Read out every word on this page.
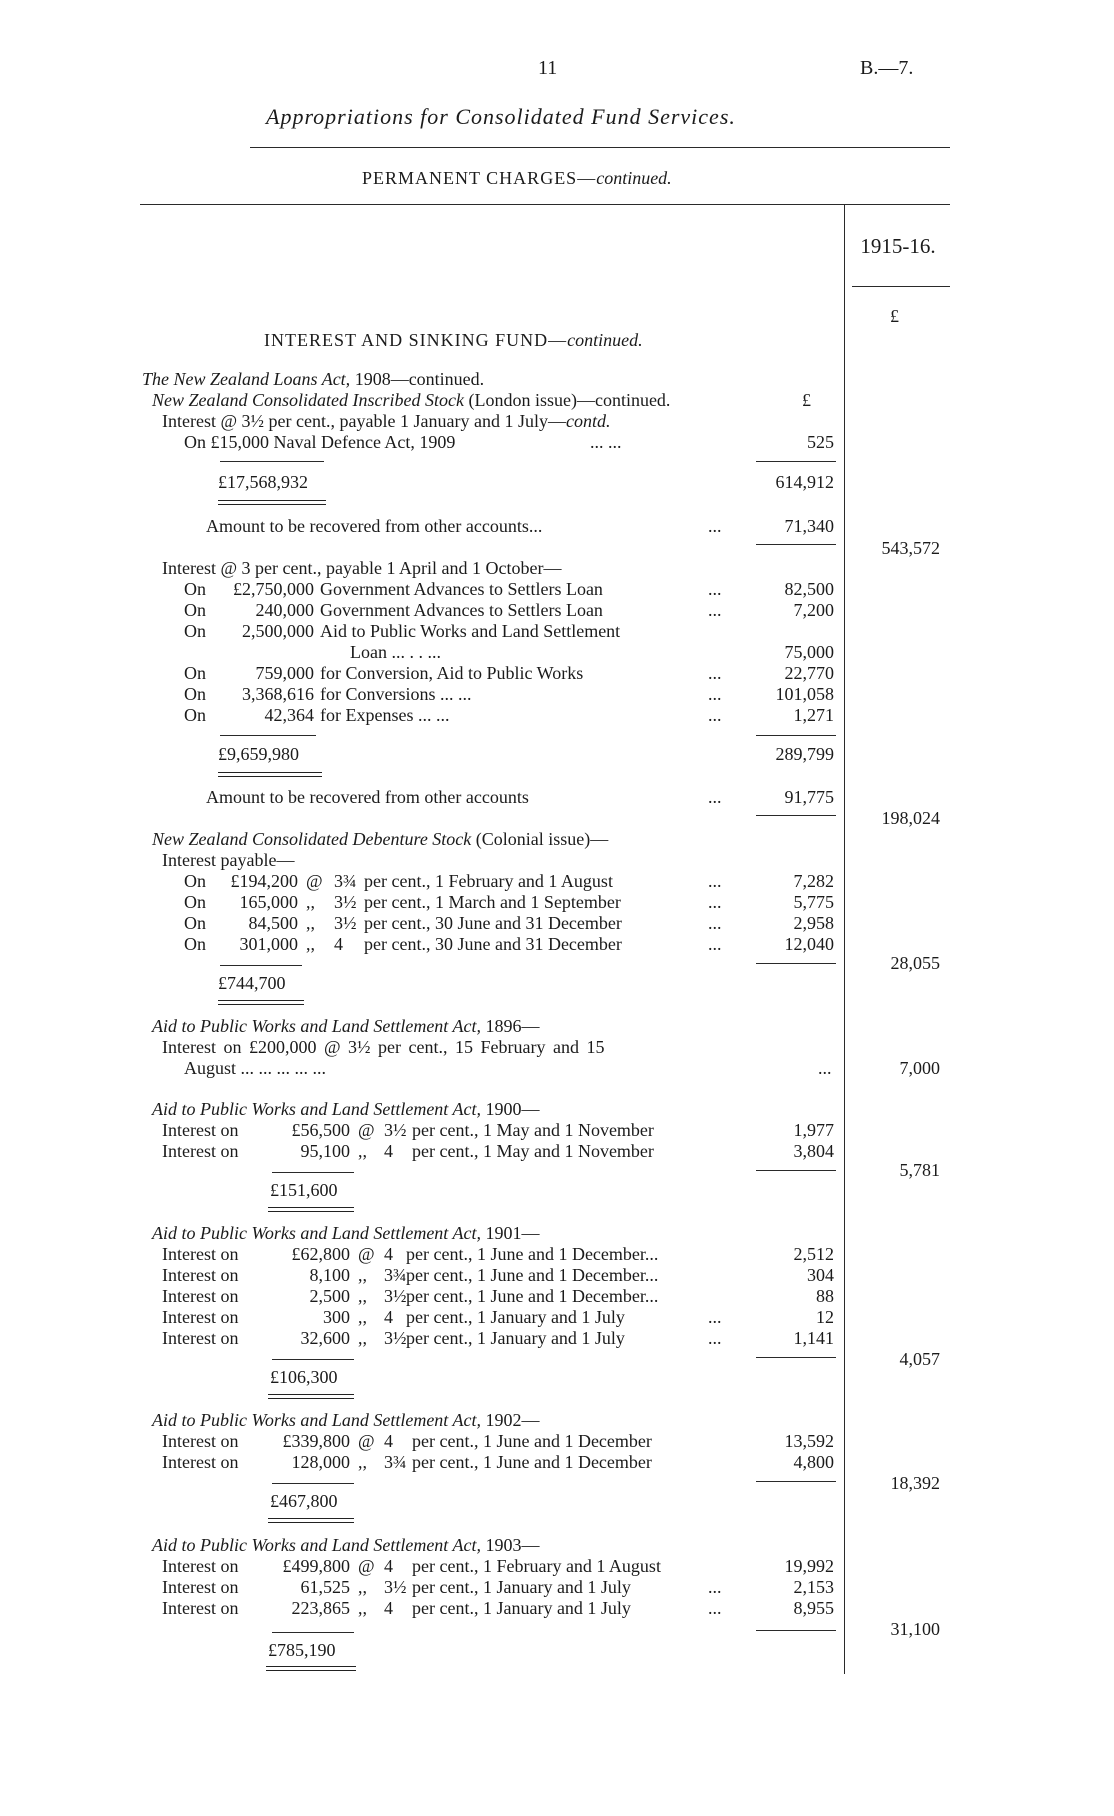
11	B.—7.
Appropriations for Consolidated Fund Services.
PERMANENT CHARGES—continued.
1915-16.
£
INTEREST AND SINKING FUND—continued.
The New Zealand Loans Act, 1908—continued.
New Zealand Consolidated Inscribed Stock (London issue)—continued.	£
Interest @ 3½ per cent., payable 1 January and 1 July—contd.
On £15,000 Naval Defence Act, 1909	... ...	525
£17,568,932	614,912
Amount to be recovered from other accounts...	...	71,340
543,572
Interest @ 3 per cent., payable 1 April and 1 October—
On	£2,750,000 Government Advances to Settlers Loan	...	82,500
On	240,000 Government Advances to Settlers Loan	...	7,200
On	2,500,000 Aid to Public Works and Land Settlement
Loan ... . . ...	75,000
On	759,000 for Conversion, Aid to Public Works	...	22,770
On	3,368,616 for Conversions ... ...	...	101,058
On	42,364 for Expenses ... ...	...	1,271
£9,659,980	289,799
Amount to be recovered from other accounts	...	91,775
198,024
New Zealand Consolidated Debenture Stock (Colonial issue)—
Interest payable—
On	£194,200 @ 3¾ per cent., 1 February and 1 August	...	7,282
On	165,000 ,, 3½ per cent., 1 March and 1 September	...	5,775
On	84,500 ,, 3½ per cent., 30 June and 31 December	...	2,958
On	301,000 ,, 4 per cent., 30 June and 31 December	...	12,040
28,055
£744,700
Aid to Public Works and Land Settlement Act, 1896—
Interest on £200,000 @ 3½ per cent., 15 February and 15
August ... ... ... ... ...	...	7,000
Aid to Public Works and Land Settlement Act, 1900—
Interest on	£56,500 @ 3½ per cent., 1 May and 1 November	1,977
Interest on	95,100 ,, 4 per cent., 1 May and 1 November	3,804
5,781
£151,600
Aid to Public Works and Land Settlement Act, 1901—
Interest on	£62,800 @ 4 per cent., 1 June and 1 December...	2,512
Interest on	8,100 ,, 3¾ per cent., 1 June and 1 December...	304
Interest on	2,500 ,, 3½ per cent., 1 June and 1 December...	88
Interest on	300 ,, 4 per cent., 1 January and 1 July	...	12
Interest on	32,600 ,, 3½ per cent., 1 January and 1 July	...	1,141
4,057
£106,300
Aid to Public Works and Land Settlement Act, 1902—
Interest on	£339,800 @ 4 per cent., 1 June and 1 December	13,592
Interest on	128,000 ,, 3¾ per cent., 1 June and 1 December	4,800
18,392
£467,800
Aid to Public Works and Land Settlement Act, 1903—
Interest on	£499,800 @ 4 per cent., 1 February and 1 August	19,992
Interest on	61,525 ,, 3½ per cent., 1 January and 1 July	...	2,153
Interest on	223,865 ,, 4 per cent., 1 January and 1 July	...	8,955
31,100
£785,190
